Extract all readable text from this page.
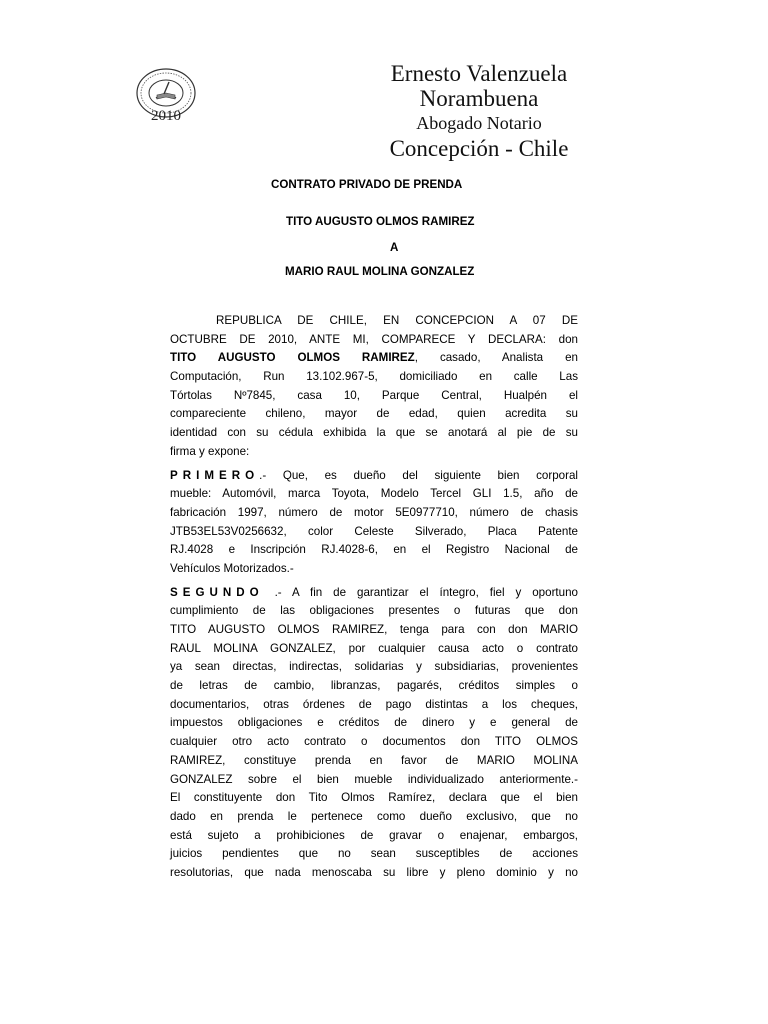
2010
Ernesto Valenzuela
Norambuena
Abogado Notario
Concepción - Chile
CONTRATO PRIVADO DE PRENDA
TITO AUGUSTO OLMOS RAMIREZ
A
MARIO RAUL MOLINA GONZALEZ
REPUBLICA DE CHILE, EN CONCEPCION A 07 DE
OCTUBRE DE 2010, ANTE MI, COMPARECE Y DECLARA: don
TITO AUGUSTO OLMOS RAMIREZ, casado, Analista en
Computación, Run 13.102.967-5, domiciliado en calle Las
Tórtolas Nº7845, casa 10, Parque Central, Hualpén el
compareciente chileno, mayor de edad, quien acredita su
identidad con su cédula exhibida la que se anotará al pie de su
firma y expone:
PRIMERO.- Que, es dueño del siguiente bien corporal
mueble: Automóvil, marca Toyota, Modelo Tercel GLI 1.5, año de
fabricación 1997, número de motor 5E0977710, número de chasis
JTB53EL53V0256632, color Celeste Silverado, Placa Patente
RJ.4028 e Inscripción RJ.4028-6, en el Registro Nacional de
Vehículos Motorizados.-
SEGUNDO .- A fin de garantizar el íntegro, fiel y oportuno
cumplimiento de las obligaciones presentes o futuras que don
TITO AUGUSTO OLMOS RAMIREZ, tenga para con don MARIO
RAUL MOLINA GONZALEZ, por cualquier causa acto o contrato
ya sean directas, indirectas, solidarias y subsidiarias, provenientes
de letras de cambio, libranzas, pagarés, créditos simples o
documentarios, otras órdenes de pago distintas a los cheques,
impuestos obligaciones e créditos de dinero y e general de
cualquier otro acto contrato o documentos don TITO OLMOS
RAMIREZ, constituye prenda en favor de MARIO MOLINA
GONZALEZ sobre el bien mueble individualizado anteriormente.-
El constituyente don Tito Olmos Ramírez, declara que el bien
dado en prenda le pertenece como dueño exclusivo, que no
está sujeto a prohibiciones de gravar o enajenar, embargos,
juicios pendientes que no sean susceptibles de acciones
resolutorias, que nada menoscaba su libre y pleno dominio y no
